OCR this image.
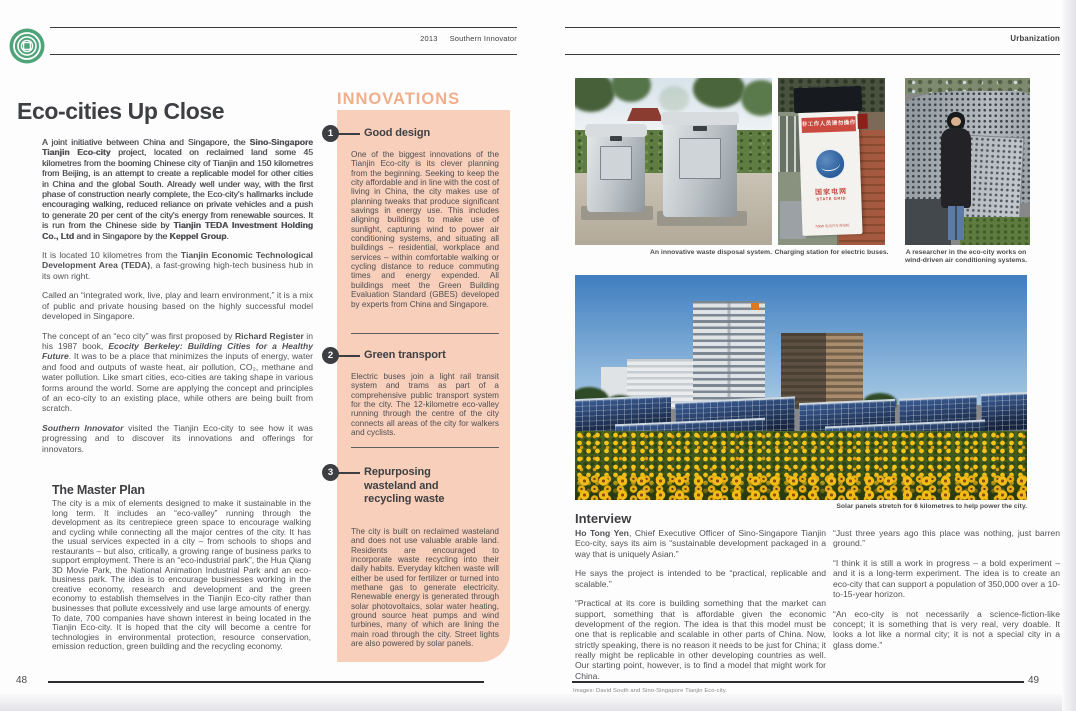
2013 Southern Innovator
Eco-cities Up Close

A joint initiative between China and Singapore, the Sino-Singapore Tianjin Eco-city project, located on reclaimed land some 45 kilometres from the booming Chinese city of Tianjin and 150 kilometres from Beijing, is an attempt to create a replicable model for other cities in China and the global South. Already well under way, with the first phase of construction nearly complete, the Eco-city's hallmarks include encouraging walking, reduced reliance on private vehicles and a push to generate 20 per cent of the city's energy from renewable sources. It is run from the Chinese side by Tianjin TEDA Investment Holding Co., Ltd and in Singapore by the Keppel Group.

It is located 10 kilometres from the Tianjin Economic Technological Development Area (TEDA), a fast-growing high-tech business hub in its own right.

Called an “integrated work, live, play and learn environment,” it is a mix of public and private housing based on the highly successful model developed in Singapore.

The concept of an “eco city” was first proposed by Richard Register in his 1987 book, Ecocity Berkeley: Building Cities for a Healthy Future. It was to be a place that minimizes the inputs of energy, water and food and outputs of waste heat, air pollution, CO₂, methane and water pollution. Like smart cities, eco-cities are taking shape in various forms around the world. Some are applying the concept and principles of an eco-city to an existing place, while others are being built from scratch.

Southern Innovator visited the Tianjin Eco-city to see how it was progressing and to discover its innovations and offerings for innovators.

The Master Plan

The city is a mix of elements designed to make it sustainable in the long term. It includes an “eco-valley” running through the development as its centrepiece green space to encourage walking and cycling while connecting all the major centres of the city. It has the usual services expected in a city – from schools to shops and restaurants – but also, critically, a growing range of business parks to support employment. There is an “eco-industrial park”, the Hua Qiang 3D Movie Park, the National Animation Industrial Park and an eco-business park. The idea is to encourage businesses working in the creative economy, research and development and the green economy to establish themselves in the Tianjin Eco-city rather than businesses that pollute excessively and use large amounts of energy. To date, 700 companies have shown interest in being located in the Tianjin Eco-city. It is hoped that the city will become a centre for technologies in environmental protection, resource conservation, emission reduction, green building and the recycling economy.

INNOVATIONS
1	Good design
One of the biggest innovations of the Tianjin Eco-city is its clever planning from the beginning. Seeking to keep the city affordable and in line with the cost of living in China, the city makes use of planning tweaks that produce significant savings in energy use. This includes aligning buildings to make use of sunlight, capturing wind to power air conditioning systems, and situating all buildings – residential, workplace and services – within comfortable walking or cycling distance to reduce commuting times and energy expended. All buildings meet the Green Building Evaluation Standard (GBES) developed by experts from China and Singapore.
2	Green transport
Electric buses join a light rail transit system and trams as part of a comprehensive public transport system for the city. The 12-kilometre eco-valley running through the centre of the city connects all areas of the city for walkers and cyclists.
3	Repurposing wasteland and recycling waste
The city is built on reclaimed wasteland and does not use valuable arable land. Residents are encouraged to incorporate waste recycling into their daily habits. Everyday kitchen waste will either be used for fertilizer or turned into methane gas to generate electricity. Renewable energy is generated through solar photovoltaics, solar water heating, ground source heat pumps and wind turbines, many of which are lining the main road through the city. Street lights are also powered by solar panels.
48
Urbanization
An innovative waste disposal system.
非工作人员请勿操作
国家电网
STATE GRID
72kW 电动汽车充电桩
Charging station for electric buses.	A researcher in the eco-city works on wind-driven air conditioning systems.
Solar panels stretch for 6 kilometres to help power the city.
Interview

Ho Tong Yen, Chief Executive Officer of Sino-Singapore Tianjin Eco-city, says its aim is “sustainable development packaged in a way that is uniquely Asian.”

He says the project is intended to be “practical, replicable and scalable.”

“Practical at its core is building something that the market can support, something that is affordable given the economic development of the region. The idea is that this model must be one that is replicable and scalable in other parts of China. Now, strictly speaking, there is no reason it needs to be just for China; it really might be replicable in other developing countries as well. Our starting point, however, is to find a model that might work for China.

“Just three years ago this place was nothing, just barren ground.”

“I think it is still a work in progress – a bold experiment – and it is a long-term experiment. The idea is to create an eco-city that can support a population of 350,000 over a 10-to-15-year horizon.

“An eco-city is not necessarily a science-fiction-like concept; it is something that is very real, very doable. It looks a lot like a normal city; it is not a special city in a glass dome.”

Images: David South and Sino-Singapore Tianjin Eco-city.
49
